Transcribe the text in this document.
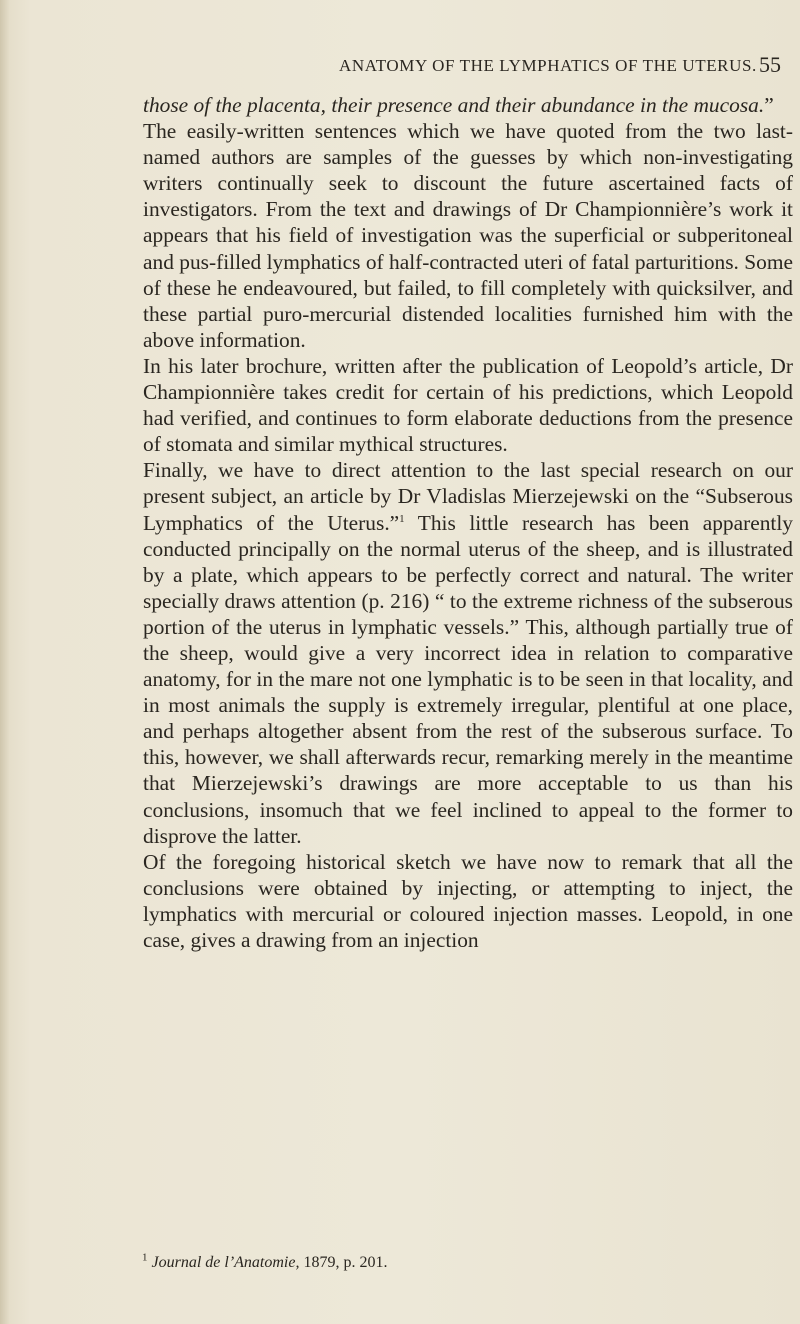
ANATOMY OF THE LYMPHATICS OF THE UTERUS. 55

those of the placenta, their presence and their abundance in the mucosa.”

The easily-written sentences which we have quoted from the two last-named authors are samples of the guesses by which non-investigating writers continually seek to discount the future ascertained facts of investigators. From the text and drawings of Dr Championnière’s work it appears that his field of investigation was the superficial or subperitoneal and pus-filled lymphatics of half-contracted uteri of fatal parturitions. Some of these he endeavoured, but failed, to fill completely with quicksilver, and these partial puro-mercurial distended localities furnished him with the above information.

In his later brochure, written after the publication of Leopold’s article, Dr Championnière takes credit for certain of his predictions, which Leopold had verified, and continues to form elaborate deductions from the presence of stomata and similar mythical structures.

Finally, we have to direct attention to the last special research on our present subject, an article by Dr Vladislas Mierzejewski on the “Subserous Lymphatics of the Uterus.”$^1$ This little research has been apparently conducted principally on the normal uterus of the sheep, and is illustrated by a plate, which appears to be perfectly correct and natural. The writer specially draws attention (p. 216) “ to the extreme richness of the subserous portion of the uterus in lymphatic vessels.” This, although partially true of the sheep, would give a very incorrect idea in relation to comparative anatomy, for in the mare not one lymphatic is to be seen in that locality, and in most animals the supply is extremely irregular, plentiful at one place, and perhaps altogether absent from the rest of the subserous surface. To this, however, we shall afterwards recur, remarking merely in the meantime that Mierzejewski’s drawings are more acceptable to us than his conclusions, insomuch that we feel inclined to appeal to the former to disprove the latter.

Of the foregoing historical sketch we have now to remark that all the conclusions were obtained by injecting, or attempting to inject, the lymphatics with mercurial or coloured injection masses. Leopold, in one case, gives a drawing from an injection

$^1$ Journal de l’Anatomie, 1879, p. 201.
